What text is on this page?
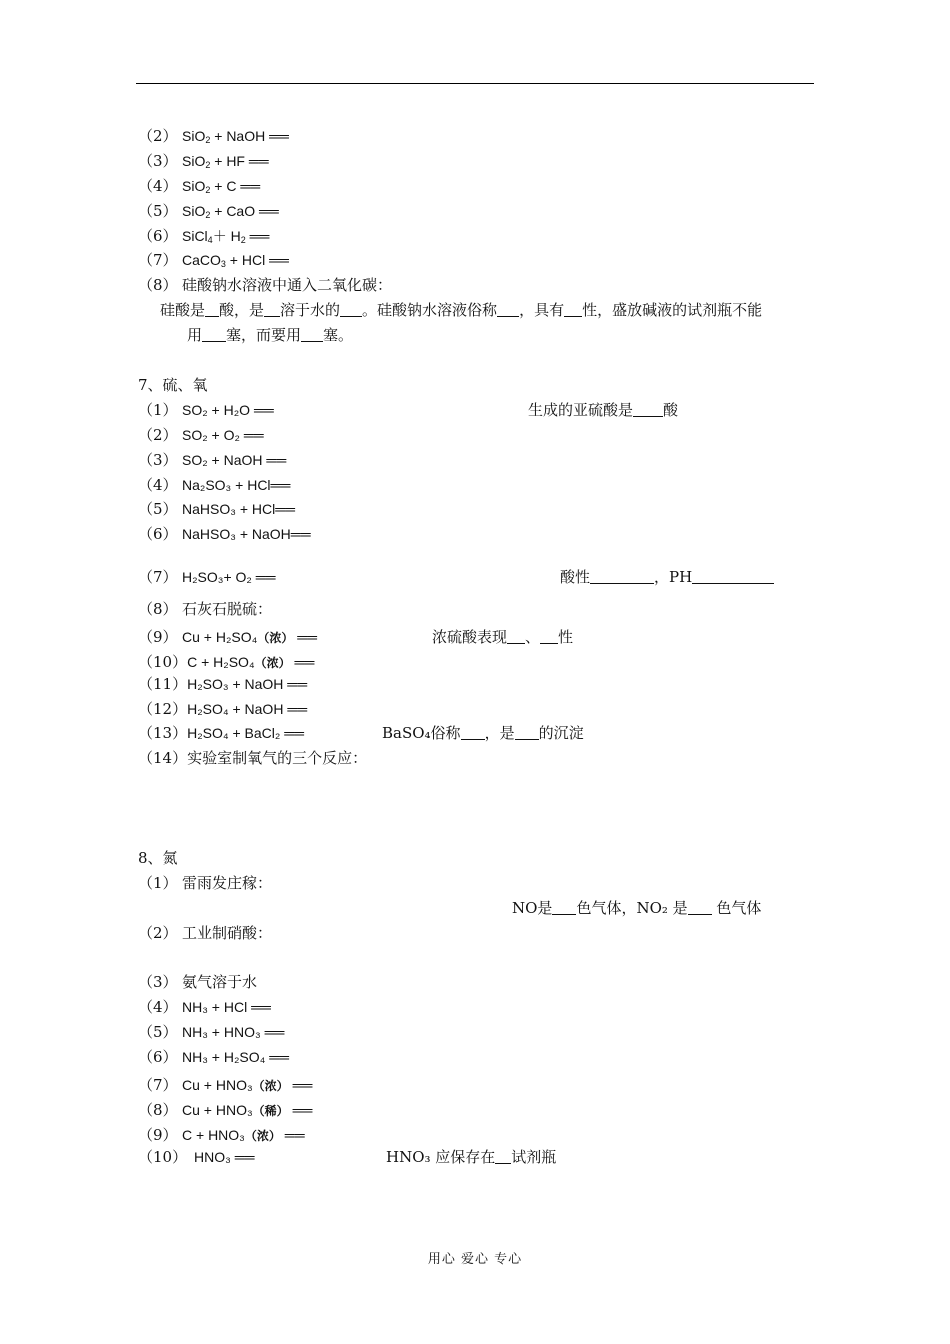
（2） SiO$_2$ + NaOH ══
（3） SiO$_2$ + HF ══
（4） SiO$_2$ + C ══
（5） SiO$_2$ + CaO ══
（6） SiCl$_4$＋ $H_2$ ══
（7） CaCO$_3$ + HCl ══
（8） 硅酸钠水溶液中通入二氧化碳：
硅酸是 酸，是 溶于水的 。硅酸钠水溶液俗称 ，具有 性，盛放碱液的试剂瓶不能
用 塞，而要用 塞。
7、硫、氧
（1） SO₂ + H₂O ══	生成的亚硫酸是 酸
（2） SO₂ + O₂ ══
（3） SO₂ + NaOH ══
（4） Na₂SO₃ + HCl══
（5） NaHSO₃ + HCl══
（6） NaHSO₃ + NaOH══
（7） H₂SO₃+ O₂ ══	酸性	，PH
（8） 石灰石脱硫：
（9） Cu + H₂SO₄（浓） ══	浓硫酸表现 、 性
（10）C + H₂SO₄（浓） ══
（11）H₂SO₃ + NaOH ══
（12）H₂SO₄ + NaOH ══
（13）H₂SO₄ + BaCl₂ ══	BaSO₄俗称 ，是 的沉淀
（14）实验室制氧气的三个反应：
8、氮
（1） 雷雨发庄稼：
NO是 色气体，NO₂ 是 色气体
（2） 工业制硝酸：
（3） 氨气溶于水
（4） NH₃ + HCl ══
（5） NH₃ + HNO₃ ══
（6） NH₃ + H₂SO₄ ══
（7） Cu + HNO₃（浓） ══
（8） Cu + HNO₃（稀） ══
（9） C + HNO₃（浓） ══
（10） HNO₃ ══	HNO₃ 应保存在 试剂瓶
用心 爱心 专心
